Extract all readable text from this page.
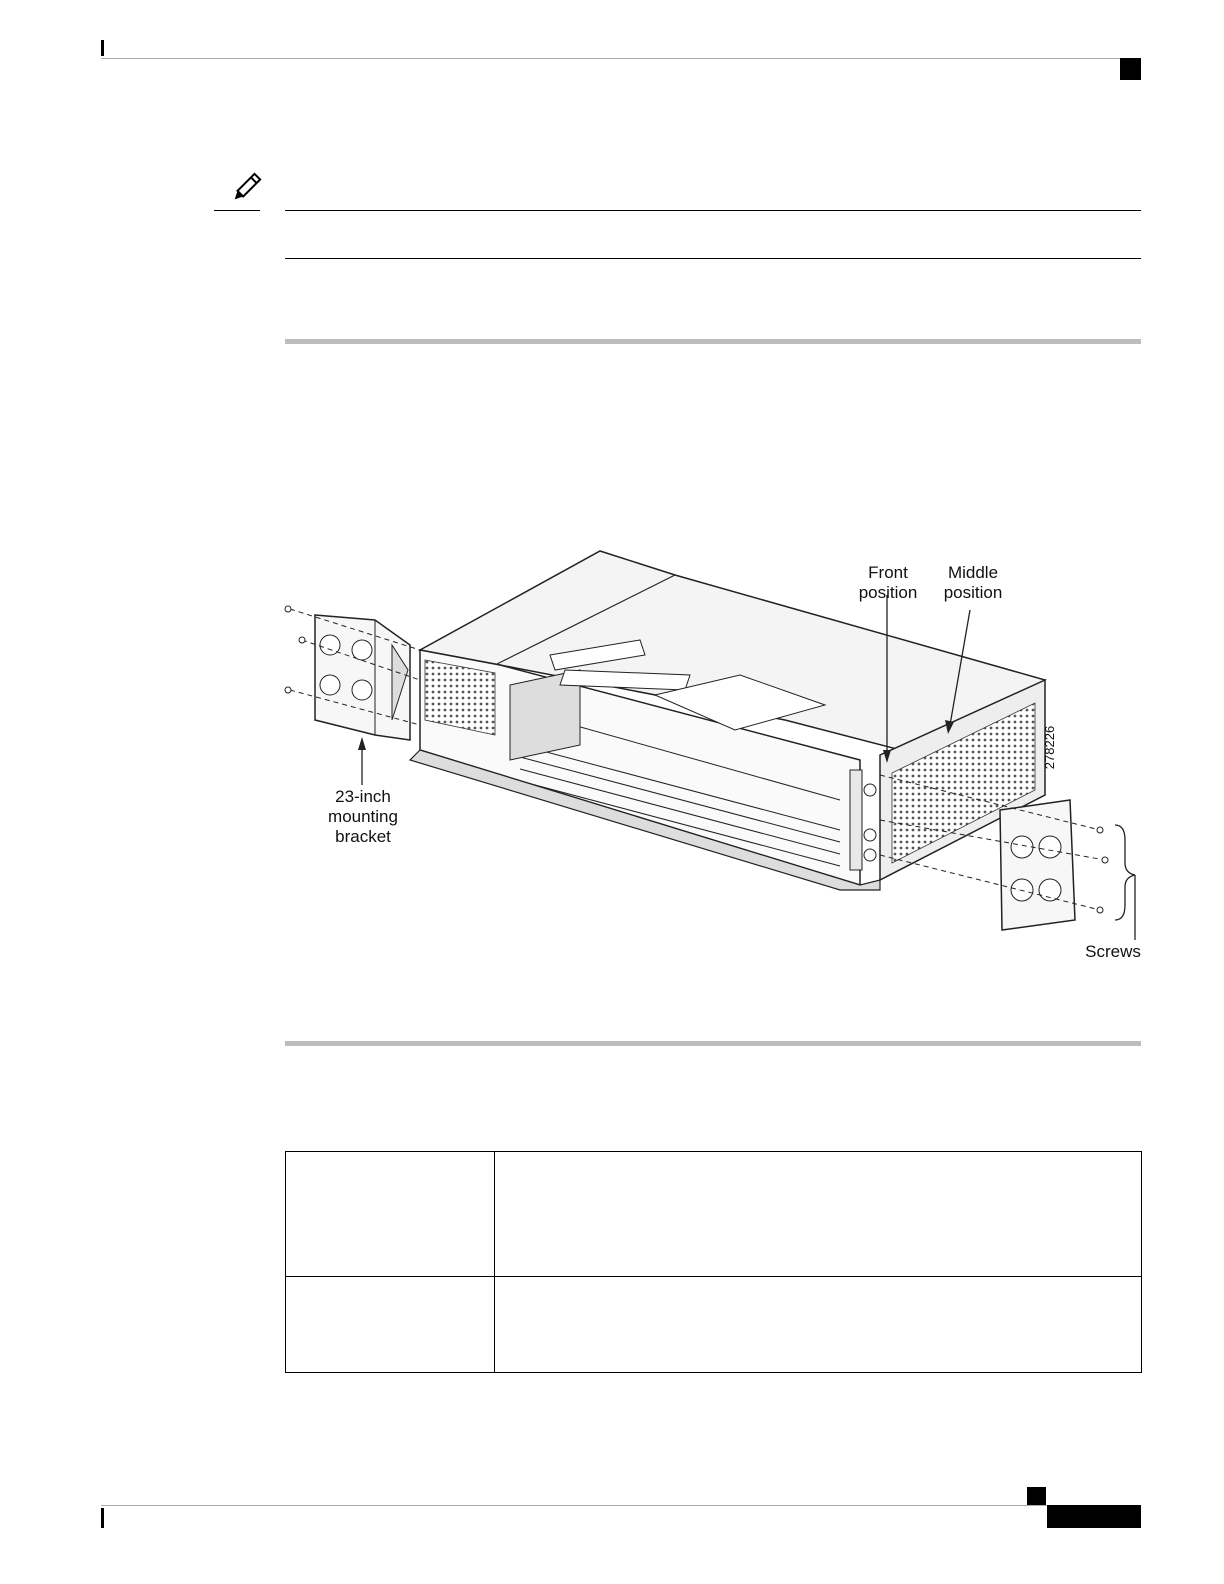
Front
position
Middle
position
23-inch
mounting
bracket
Screws
278226
